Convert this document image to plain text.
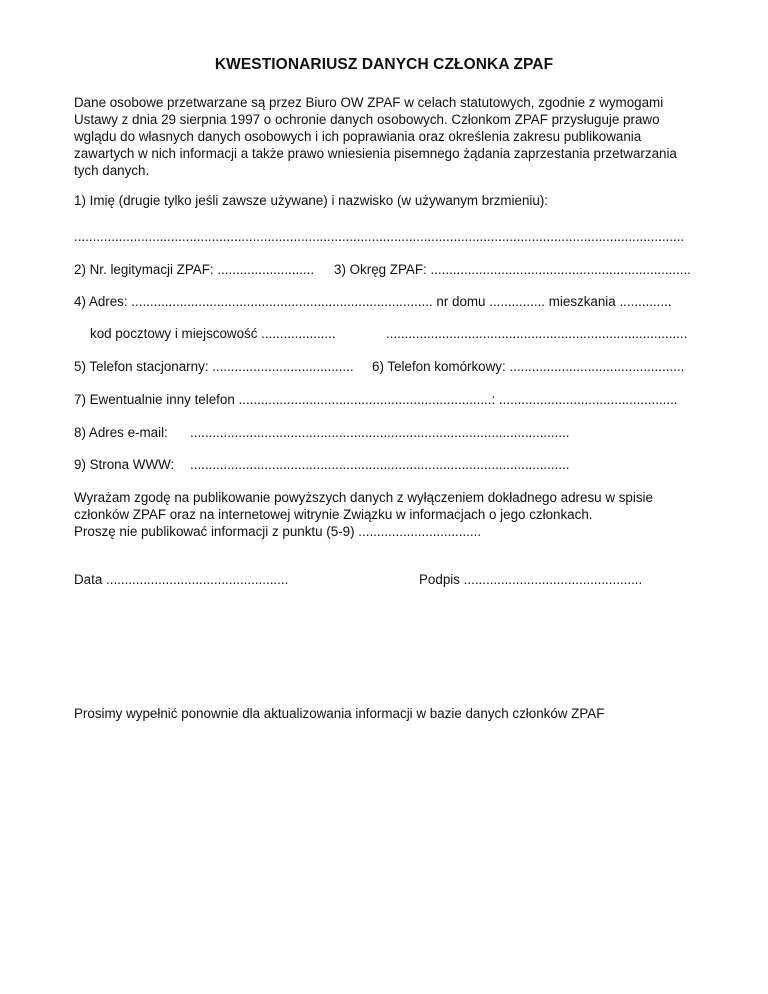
KWESTIONARIUSZ DANYCH CZŁONKA ZPAF
Dane osobowe przetwarzane są przez Biuro OW ZPAF w celach statutowych, zgodnie z wymogami
Ustawy z dnia 29 sierpnia 1997 o ochronie danych osobowych. Członkom ZPAF przysługuje prawo
wglądu do własnych danych osobowych i ich poprawiania oraz określenia zakresu publikowania
zawartych w nich informacji a także prawo wniesienia pisemnego żądania zaprzestania przetwarzania
tych danych.
1) Imię (drugie tylko jeśli zawsze używane) i nazwisko (w używanym brzmieniu):
....................................................................................................................................................................
2) Nr. legitymacji ZPAF: .......................... 3) Okręg ZPAF: ......................................................................
4) Adres: ................................................................................. nr domu ............... mieszkania ..............
kod pocztowy i miejscowość ....................	.................................................................................
5) Telefon stacjonarny: ...................................... 6) Telefon komórkowy: ...............................................
7) Ewentualnie inny telefon ....................................................................: ................................................
8) Adres e-mail: ......................................................................................................
9) Strona WWW: ......................................................................................................
Wyrażam zgodę na publikowanie powyższych danych z wyłączeniem dokładnego adresu w spisie
członków ZPAF oraz na internetowej witrynie Związku w informacjach o jego członkach.
Proszę nie publikować informacji z punktu (5-9) .................................
Data .................................................	Podpis ................................................
Prosimy wypełnić ponownie dla aktualizowania informacji w bazie danych członków ZPAF
